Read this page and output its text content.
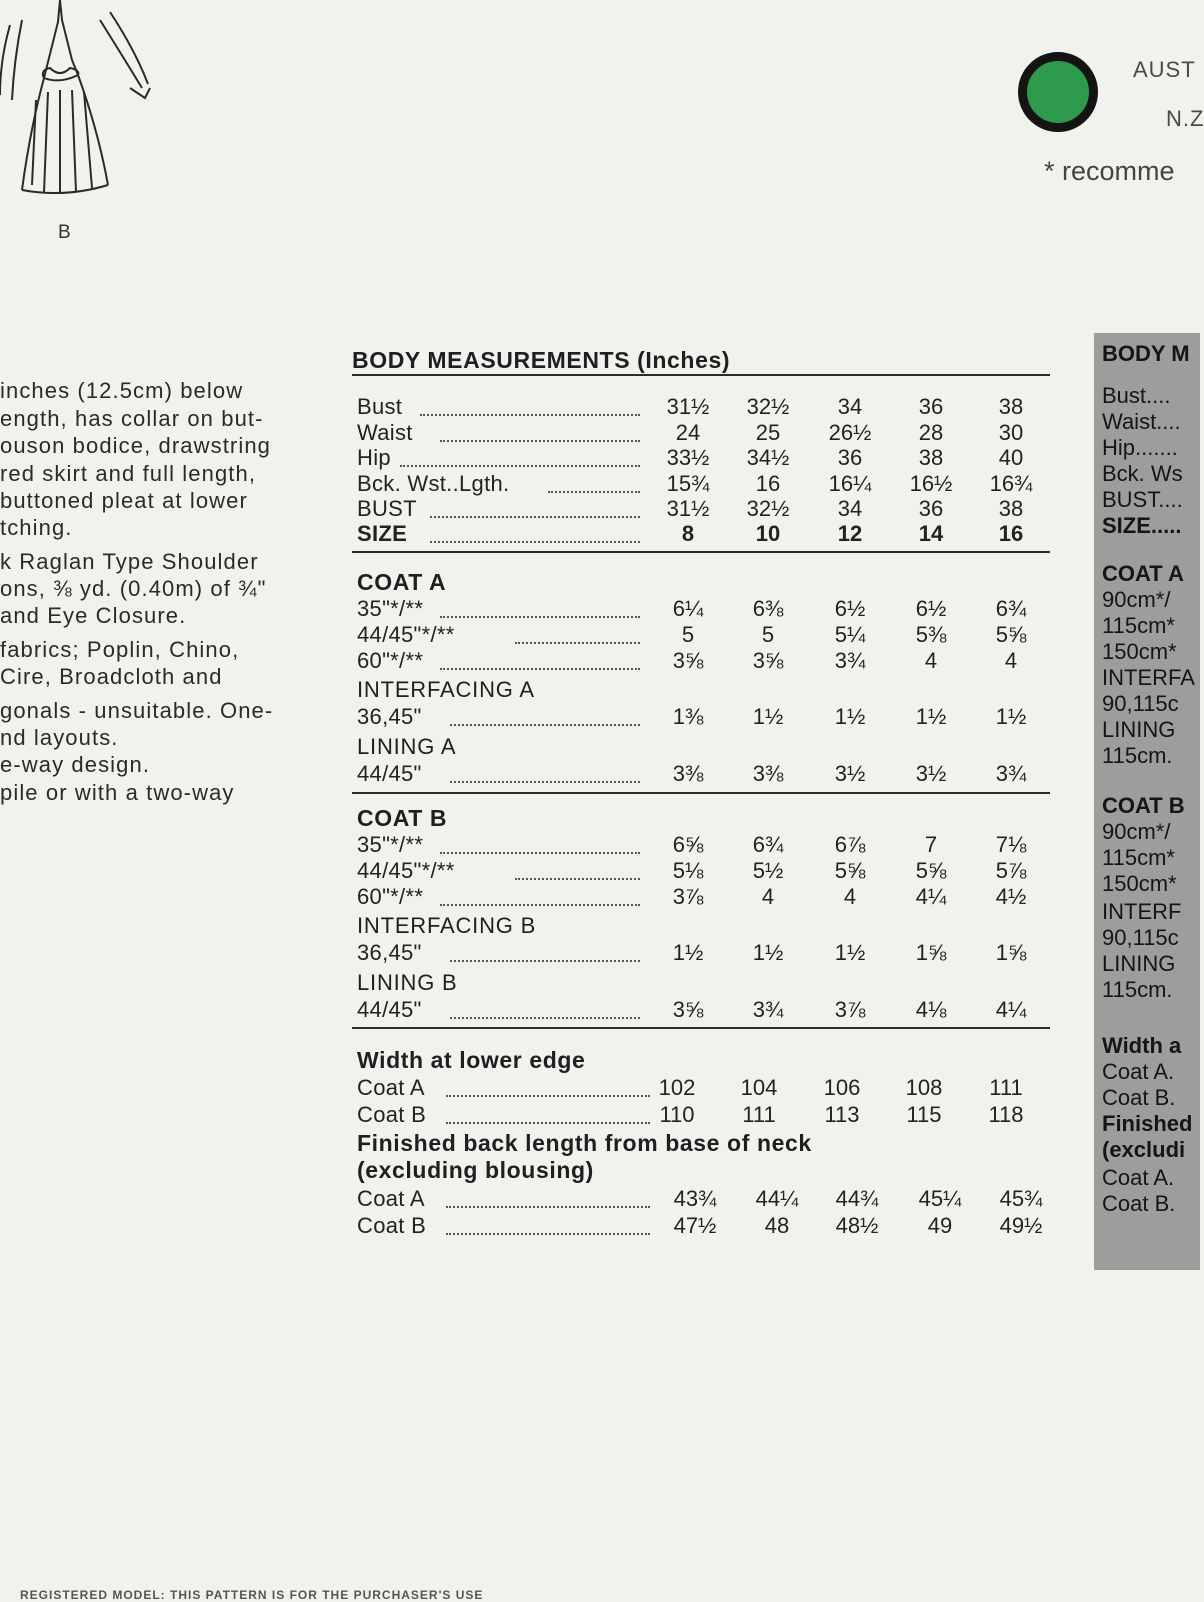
B
AUST
N.Z
* recomme
inches (12.5cm) below
ength, has collar on but-
ouson bodice, drawstring
red skirt and full length,
buttoned pleat at lower
tching.
k Raglan Type Shoulder
ons, ⅜ yd. (0.40m) of ¾"
and Eye Closure.
fabrics; Poplin, Chino,
Cire, Broadcloth and
gonals - unsuitable. One-
nd layouts.
e-way design.
pile or with a two-way
BODY MEASUREMENTS (Inches)
Bust	31½	32½	34	36	38
Waist	24	25	26½	28	30
Hip	33½	34½	36	38	40
Bck. Wst..Lgth.	15¾	16	16¼	16½	16¾
BUST	31½	32½	34	36	38
SIZE	8	10	12	14	16
COAT A
35"*/**	6¼	6⅜	6½	6½	6¾
44/45"*/**	5	5	5¼	5⅜	5⅝
60"*/**	3⅝	3⅝	3¾	4	4
INTERFACING A
36,45"	1⅜	1½	1½	1½	1½
LINING A
44/45"	3⅜	3⅜	3½	3½	3¾
COAT B
35"*/**	6⅝	6¾	6⅞	7	7⅛
44/45"*/**	5⅛	5½	5⅝	5⅝	5⅞
60"*/**	3⅞	4	4	4¼	4½
INTERFACING B
36,45"	1½	1½	1½	1⅝	1⅝
LINING B
44/45"	3⅝	3¾	3⅞	4⅛	4¼
Width at lower edge
Coat A	102	104	106	108	111
Coat B	110	111	113	115	118
Finished back length from base of neck
(excluding blousing)
Coat A	43¾	44¼	44¾	45¼	45¾
Coat B	47½	48	48½	49	49½
BODY M
Bust....
Waist....
Hip.......
Bck. Ws
BUST....
SIZE.....
COAT A
90cm*/
115cm*
150cm*
INTERFA
90,115c
LINING
115cm.
COAT B
90cm*/
115cm*
150cm*
INTERF
90,115c
LINING
115cm.
Width a
Coat A.
Coat B.
Finished
(excludi
Coat A.
Coat B.
REGISTERED MODEL: THIS PATTERN IS FOR THE PURCHASER'S USE
